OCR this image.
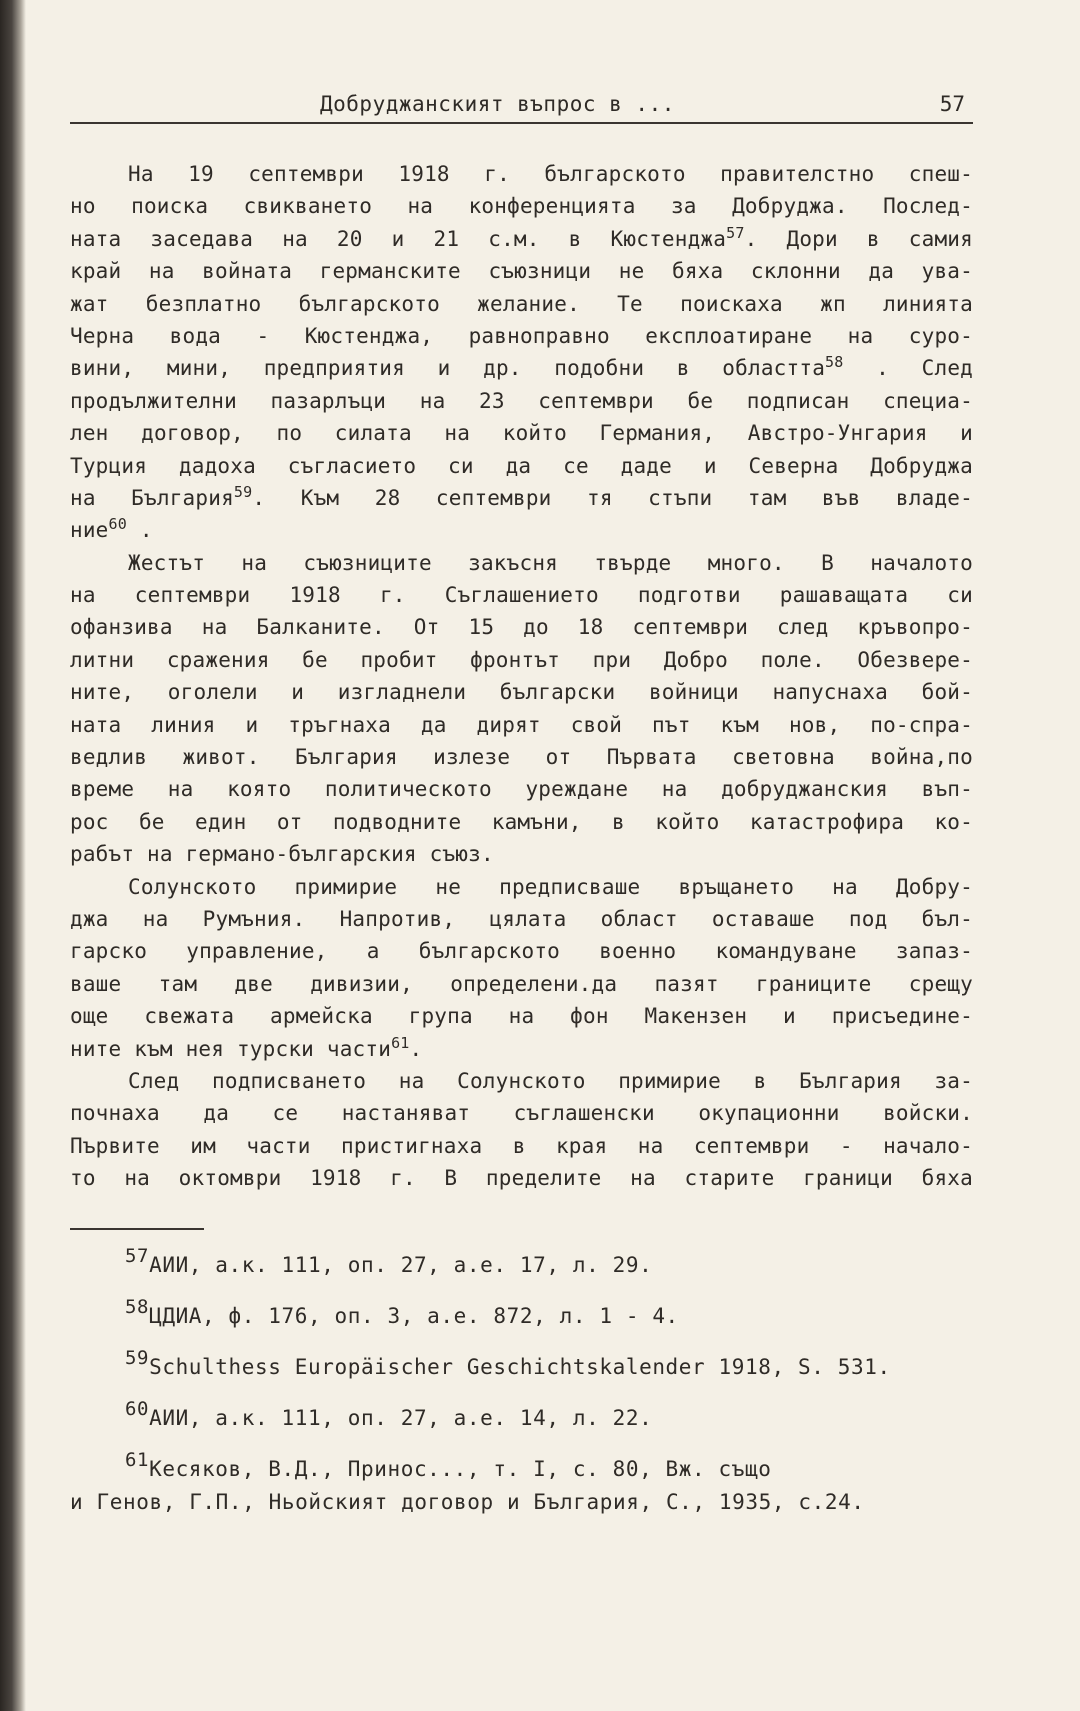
Добруджанският въпрос в ...	57
На 19 септември 1918 г. българското правителстно спеш-
но поиска свикването на конференцията за Добруджа. Послед-
ната заседава на 20 и 21 с.м. в Кюстенджа$^{57}$. Дори в самия
край на войната германските съюзници не бяха склонни да ува-
жат безплатно българското желание. Те поискаха жп линията
Черна вода - Кюстенджа, равноправно експлоатиране на суро-
вини, мини, предприятия и др. подобни в областта$^{58}$ . След
продължителни пазарлъци на 23 септември бе подписан специа-
лен договор, по силата на който Германия, Австро-Унгария и
Турция дадоха съгласието си да се даде и Северна Добруджа
на България$^{59}$. Към 28 септември тя стъпи там във владе-
ние$^{60}$ .
Жестът на съюзниците закъсня твърде много. В началото
на септември 1918 г. Съглашението подготви рашаващата си
офанзива на Балканите. От 15 до 18 септември след кръвопро-
литни сражения бе пробит фронтът при Добро поле. Обезвере-
ните, оголели и изгладнели български войници напуснаха бой-
ната линия и тръгнаха да дирят свой път към нов, по-спра-
ведлив живот. България излезе от Първата световна война,по
време на която политическото уреждане на добруджанския въп-
рос бе един от подводните камъни, в който катастрофира ко-
рабът на германо-българския съюз.
Солунското примирие не предписваше връщането на Добру-
джа на Румъния. Напротив, цялата област оставаше под бъл-
гарско управление, а българското военно командуване запаз-
ваше там две дивизии, определени.да пазят границите срещу
още свежата армейска група на фон Макензен и присъедине-
ните към нея турски части$^{61}$.
След подписването на Солунското примирие в България за-
почнаха да се настаняват съглашенски окупационни войски.
Първите им части пристигнаха в края на септември - начало-
то на октомври 1918 г. В пределите на старите граници бяха
$^{57}$АИИ, а.к. 111, оп. 27, а.е. 17, л. 29.
$^{58}$ЦДИА, ф. 176, оп. 3, а.е. 872, л. 1 - 4.
$^{59}$Schulthess Europäischer Geschichtskalender 1918, S. 531.
$^{60}$АИИ, а.к. 111, оп. 27, а.е. 14, л. 22.
$^{61}$Кесяков, В.Д., Принос..., т. I, с. 80, Вж. също
и Генов, Г.П., Ньойският договор и България, С., 1935, с.24.
